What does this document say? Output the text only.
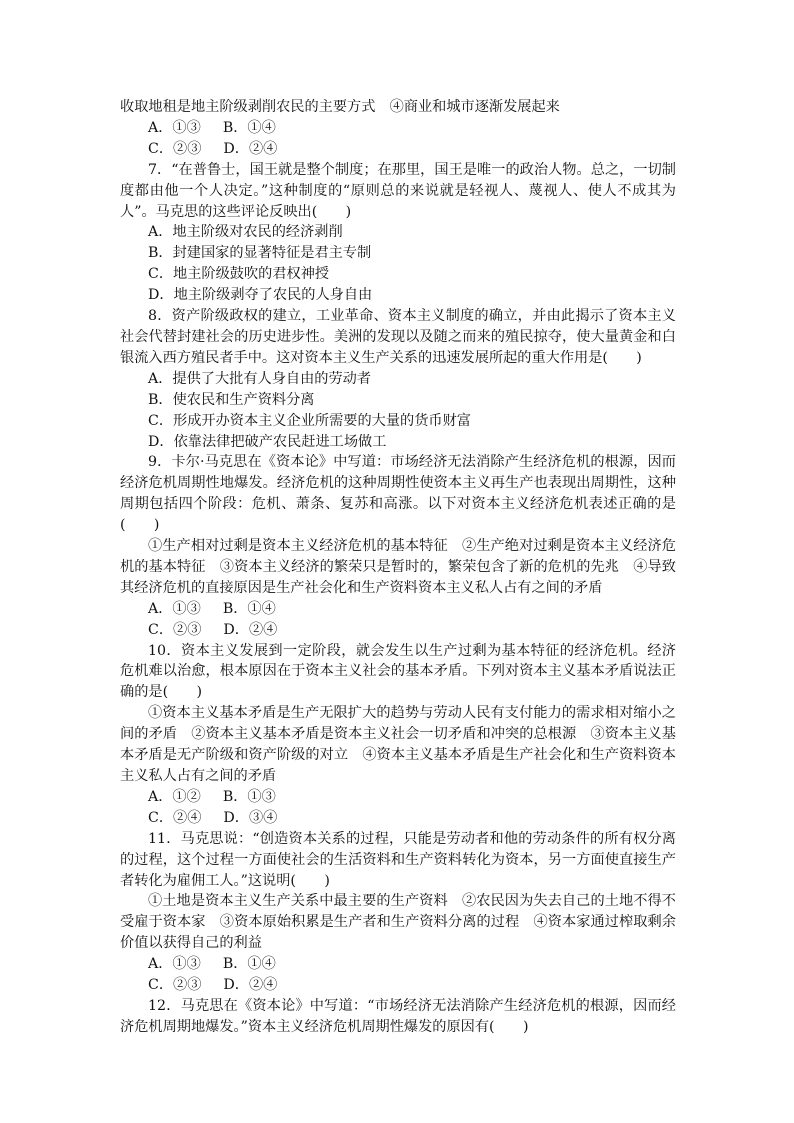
收取地租是地主阶级剥削农民的主要方式　④商业和城市逐渐发展起来

A．①③ B．①④
C．②③ D．②④

7．“在普鲁士，国王就是整个制度；在那里，国王是唯一的政治人物。总之，一切制度都由他一个人决定。”这种制度的“原则总的来说就是轻视人、蔑视人、使人不成其为人”。马克思的这些评论反映出(　　)

A．地主阶级对农民的经济剥削
B．封建国家的显著特征是君主专制
C．地主阶级鼓吹的君权神授
D．地主阶级剥夺了农民的人身自由

8．资产阶级政权的建立，工业革命、资本主义制度的确立，并由此揭示了资本主义社会代替封建社会的历史进步性。美洲的发现以及随之而来的殖民掠夺，使大量黄金和白银流入西方殖民者手中。这对资本主义生产关系的迅速发展所起的重大作用是(　　)

A．提供了大批有人身自由的劳动者
B．使农民和生产资料分离
C．形成开办资本主义企业所需要的大量的货币财富
D．依靠法律把破产农民赶进工场做工

9．卡尔·马克思在《资本论》中写道：市场经济无法消除产生经济危机的根源，因而经济危机周期性地爆发。经济危机的这种周期性使资本主义再生产也表现出周期性，这种周期包括四个阶段：危机、萧条、复苏和高涨。以下对资本主义经济危机表述正确的是(　　)

①生产相对过剩是资本主义经济危机的基本特征　②生产绝对过剩是资本主义经济危机的基本特征　③资本主义经济的繁荣只是暂时的，繁荣包含了新的危机的先兆　④导致其经济危机的直接原因是生产社会化和生产资料资本主义私人占有之间的矛盾

A．①③ B．①④
C．②③ D．②④

10．资本主义发展到一定阶段，就会发生以生产过剩为基本特征的经济危机。经济危机难以治愈，根本原因在于资本主义社会的基本矛盾。下列对资本主义基本矛盾说法正确的是(　　)

①资本主义基本矛盾是生产无限扩大的趋势与劳动人民有支付能力的需求相对缩小之间的矛盾　②资本主义基本矛盾是资本主义社会一切矛盾和冲突的总根源　③资本主义基本矛盾是无产阶级和资产阶级的对立　④资本主义基本矛盾是生产社会化和生产资料资本主义私人占有之间的矛盾

A．①② B．①③
C．②④ D．③④

11．马克思说：“创造资本关系的过程，只能是劳动者和他的劳动条件的所有权分离的过程，这个过程一方面使社会的生活资料和生产资料转化为资本，另一方面使直接生产者转化为雇佣工人。”这说明(　　)

①土地是资本主义生产关系中最主要的生产资料　②农民因为失去自己的土地不得不受雇于资本家　③资本原始积累是生产者和生产资料分离的过程　④资本家通过榨取剩余价值以获得自己的利益

A．①③ B．①④
C．②③ D．②④

12．马克思在《资本论》中写道：“市场经济无法消除产生经济危机的根源，因而经济危机周期地爆发。”资本主义经济危机周期性爆发的原因有(　　)
